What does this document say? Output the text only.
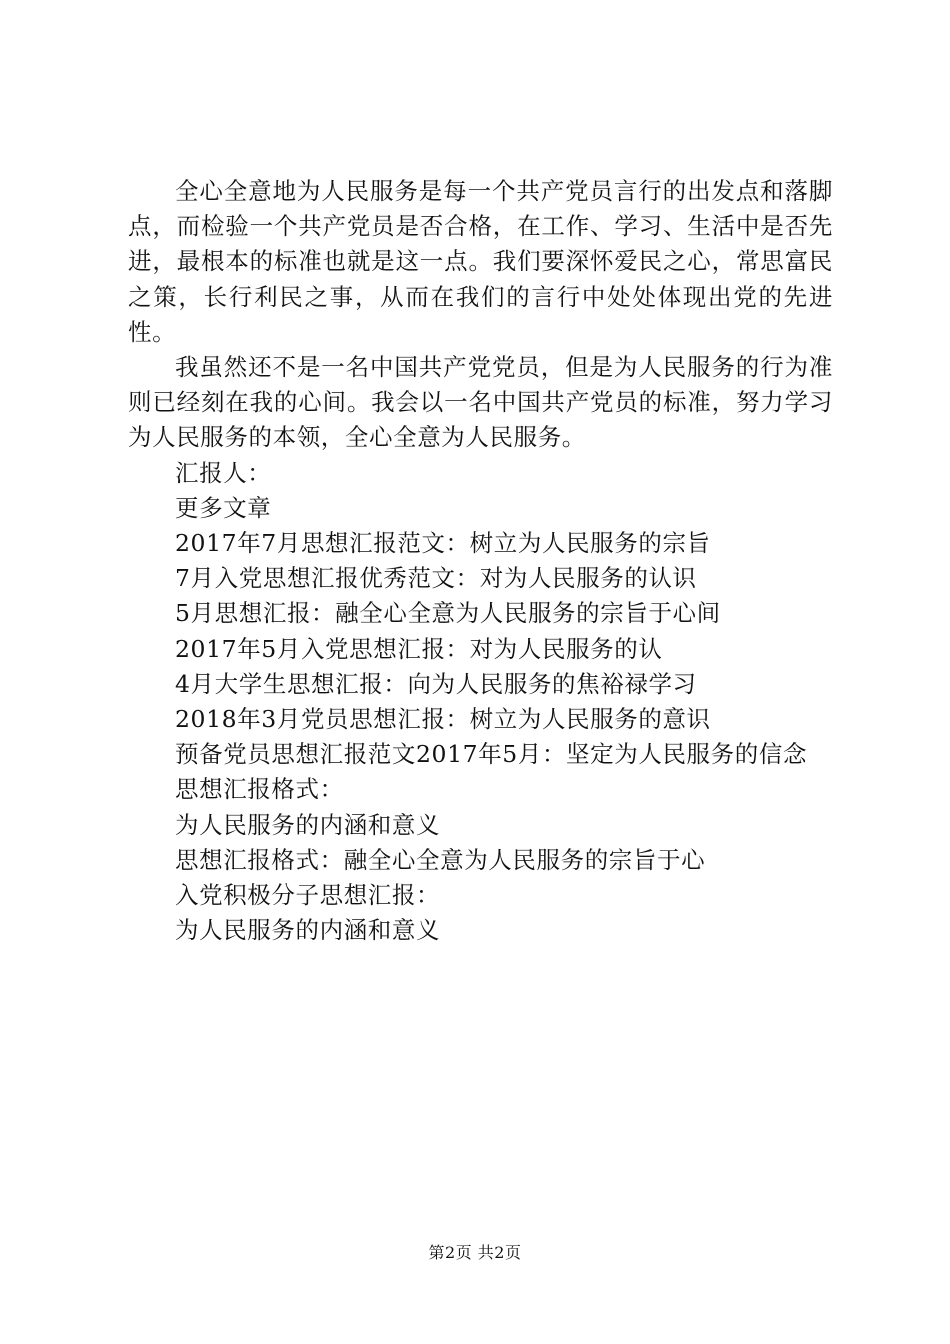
全心全意地为人民服务是每一个共产党员言行的出发点和落脚点，而检验一个共产党员是否合格，在工作、学习、生活中是否先进，最根本的标准也就是这一点。我们要深怀爱民之心，常思富民之策，长行利民之事，从而在我们的言行中处处体现出党的先进性。

我虽然还不是一名中国共产党党员，但是为人民服务的行为准则已经刻在我的心间。我会以一名中国共产党员的标准，努力学习为人民服务的本领，全心全意为人民服务。

汇报人：

更多文章

2017年7月思想汇报范文：树立为人民服务的宗旨

7月入党思想汇报优秀范文：对为人民服务的认识

5月思想汇报：融全心全意为人民服务的宗旨于心间

2017年5月入党思想汇报：对为人民服务的认

4月大学生思想汇报：向为人民服务的焦裕禄学习

2018年3月党员思想汇报：树立为人民服务的意识

预备党员思想汇报范文2017年5月：坚定为人民服务的信念

思想汇报格式：

为人民服务的内涵和意义

思想汇报格式：融全心全意为人民服务的宗旨于心

入党积极分子思想汇报：

为人民服务的内涵和意义

第2页 共2页
